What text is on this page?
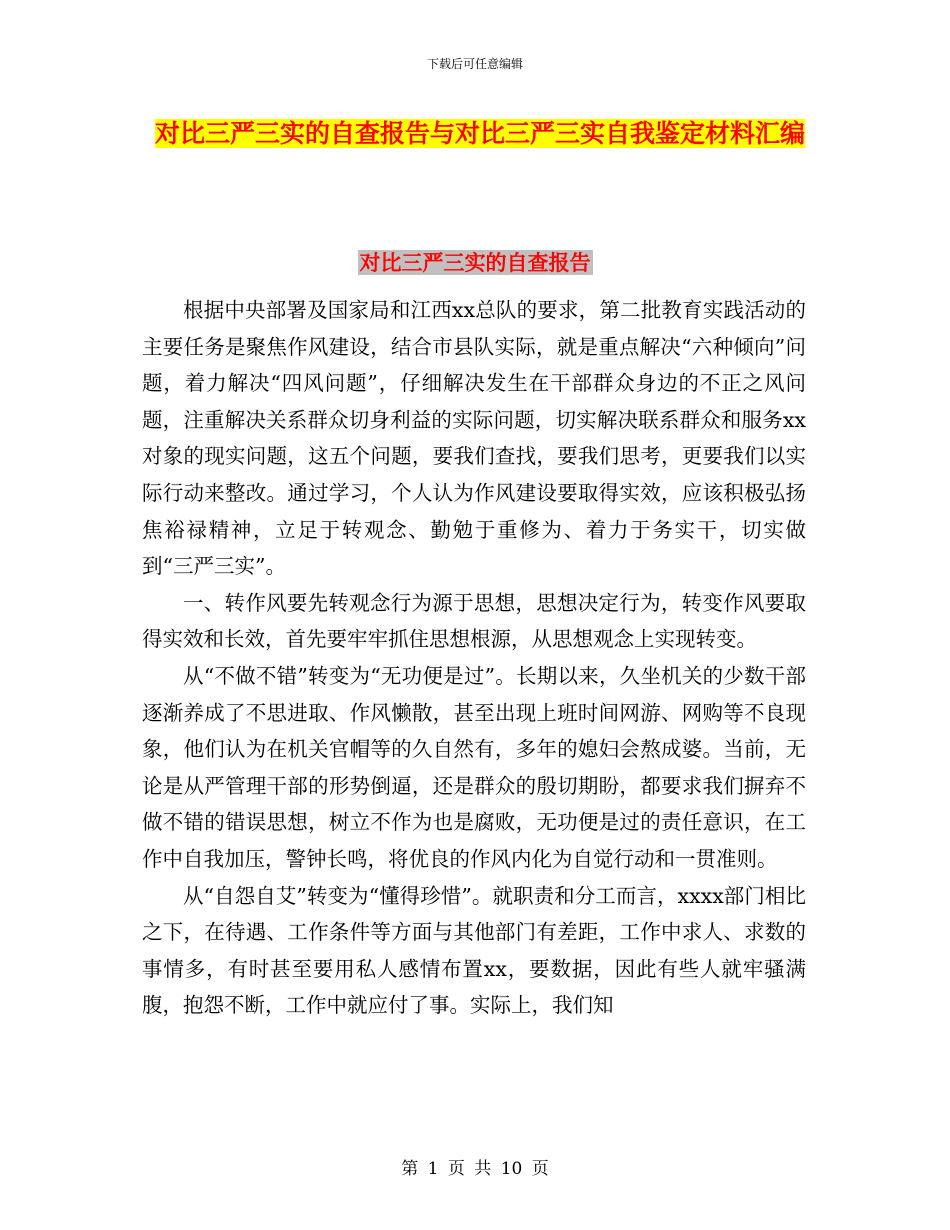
下载后可任意编辑
对比三严三实的自查报告与对比三严三实自我鉴定材料汇编
对比三严三实的自查报告

根据中央部署及国家局和江西xx总队的要求，第二批教育实践活动的主要任务是聚焦作风建设，结合市县队实际，就是重点解决“六种倾向”问题，着力解决“四风问题”，仔细解决发生在干部群众身边的不正之风问题，注重解决关系群众切身利益的实际问题，切实解决联系群众和服务xx对象的现实问题，这五个问题，要我们查找，要我们思考，更要我们以实际行动来整改。通过学习，个人认为作风建设要取得实效，应该积极弘扬焦裕禄精神，立足于转观念、勤勉于重修为、着力于务实干，切实做到“三严三实”。

一、转作风要先转观念行为源于思想，思想决定行为，转变作风要取得实效和长效，首先要牢牢抓住思想根源，从思想观念上实现转变。

从“不做不错”转变为“无功便是过”。长期以来，久坐机关的少数干部逐渐养成了不思进取、作风懒散，甚至出现上班时间网游、网购等不良现象，他们认为在机关官帽等的久自然有，多年的媳妇会熬成婆。当前，无论是从严管理干部的形势倒逼，还是群众的殷切期盼，都要求我们摒弃不做不错的错误思想，树立不作为也是腐败，无功便是过的责任意识，在工作中自我加压，警钟长鸣，将优良的作风内化为自觉行动和一贯准则。

从“自怨自艾”转变为“懂得珍惜”。就职责和分工而言，xxxx部门相比之下，在待遇、工作条件等方面与其他部门有差距，工作中求人、求数的事情多，有时甚至要用私人感情布置xx，要数据，因此有些人就牢骚满腹，抱怨不断，工作中就应付了事。实际上，我们知

第 1 页 共 10 页
